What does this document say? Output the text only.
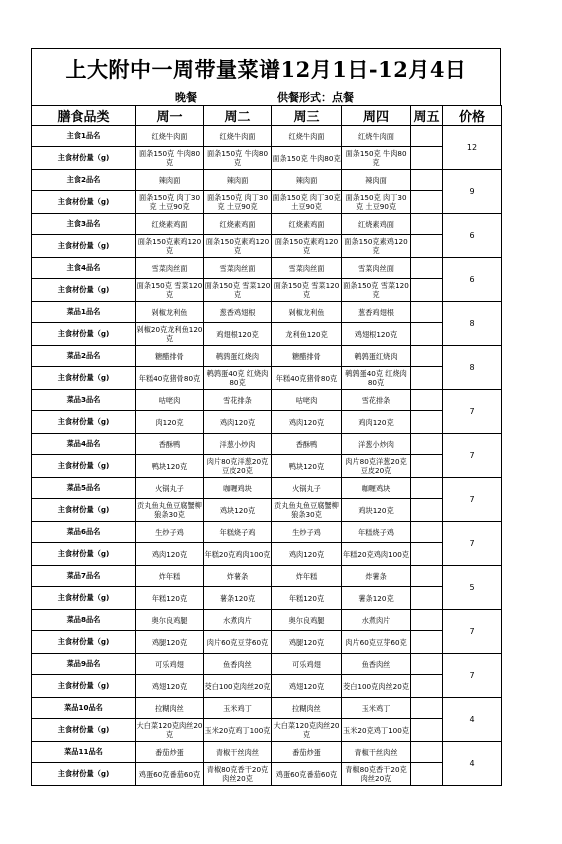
上大附中一周带量菜谱12月1日-12月4日
晚餐	供餐形式：点餐
膳食品类	周一	周二	周三	周四	周五	价格
主食1品名	红烧牛肉面	红烧牛肉面	红烧牛肉面	红烧牛肉面		12
主食材份量（g)	面条150克 牛肉80克	面条150克 牛肉80克	面条150克 牛肉80克	面条150克 牛肉80克		
主食2品名	辣肉面	辣肉面	辣肉面	辣肉面		9
主食材份量（g)	面条150克 肉丁30克 土豆90克	面条150克 肉丁30克 土豆90克	面条150克 肉丁30克 土豆90克	面条150克 肉丁30克 土豆90克		
主食3品名	红烧素鸡面	红烧素鸡面	红烧素鸡面	红烧素鸡面		6
主食材份量（g)	面条150克素鸡120克	面条150克素鸡120克	面条150克素鸡120克	面条150克素鸡120克		
主食4品名	雪菜肉丝面	雪菜肉丝面	雪菜肉丝面	雪菜肉丝面		6
主食材份量（g)	面条150克 雪菜120克	面条150克 雪菜120克	面条150克 雪菜120克	面条150克 雪菜120克		
菜品1品名	剁椒龙利鱼	葱香鸡翅根	剁椒龙利鱼	葱香鸡翅根		8
主食材份量（g)	剁椒20克龙利鱼120克	鸡翅根120克	龙利鱼120克	鸡翅根120克		
菜品2品名	糖醋排骨	鹌鹑蛋红烧肉	糖醋排骨	鹌鹑蛋红烧肉		8
主食材份量（g)	年糕40克猪骨80克	鹌鹑蛋40克 红烧肉80克	年糕40克猪骨80克	鹌鹑蛋40克 红烧肉80克		
菜品3品名	咕咾肉	雪花排条	咕咾肉	雪花排条		7
主食材份量（g)	肉120克	鸡肉120克	鸡肉120克	鸡肉120克		
菜品4品名	香酥鸭	洋葱小炒肉	香酥鸭	洋葱小炒肉		7
主食材份量（g)	鸭块120克	肉片80克洋葱20克豆皮20克	鸭块120克	肉片80克洋葱20克豆皮20克		
菜品5品名	火锅丸子	咖喱鸡块	火锅丸子	咖喱鸡块		7
主食材份量（g)	贡丸鱼丸鱼豆腐蟹柳狼条30克	鸡块120克	贡丸鱼丸鱼豆腐蟹柳狼条30克	鸡块120克		
菜品6品名	生炒子鸡	年糕烧子鸡	生炒子鸡	年糕烧子鸡		7
主食材份量（g)	鸡肉120克	年糕20克鸡肉100克	鸡肉120克	年糕20克鸡肉100克		
菜品7品名	炸年糕	炸薯条	炸年糕	炸薯条		5
主食材份量（g)	年糕120克	薯条120克	年糕120克	薯条120克		
菜品8品名	奥尔良鸡腿	水煮肉片	奥尔良鸡腿	水煮肉片		7
主食材份量（g)	鸡腿120克	肉片60克豆芽60克	鸡腿120克	肉片60克豆芽60克		
菜品9品名	可乐鸡翅	鱼香肉丝	可乐鸡翅	鱼香肉丝		7
主食材份量（g)	鸡翅120克	茭白100克肉丝20克	鸡翅120克	茭白100克肉丝20克		
菜品10品名	拉糊肉丝	玉米鸡丁	拉糊肉丝	玉米鸡丁		4
主食材份量（g)	大白菜120克肉丝20克	玉米20克鸡丁100克	大白菜120克肉丝20克	玉米20克鸡丁100克		
菜品11品名	番茄炒蛋	青椒干丝肉丝	番茄炒蛋	青椒干丝肉丝		4
主食材份量（g)	鸡蛋60克番茄60克	青椒80克香干20克肉丝20克	鸡蛋60克番茄60克	青椒80克香干20克肉丝20克		
